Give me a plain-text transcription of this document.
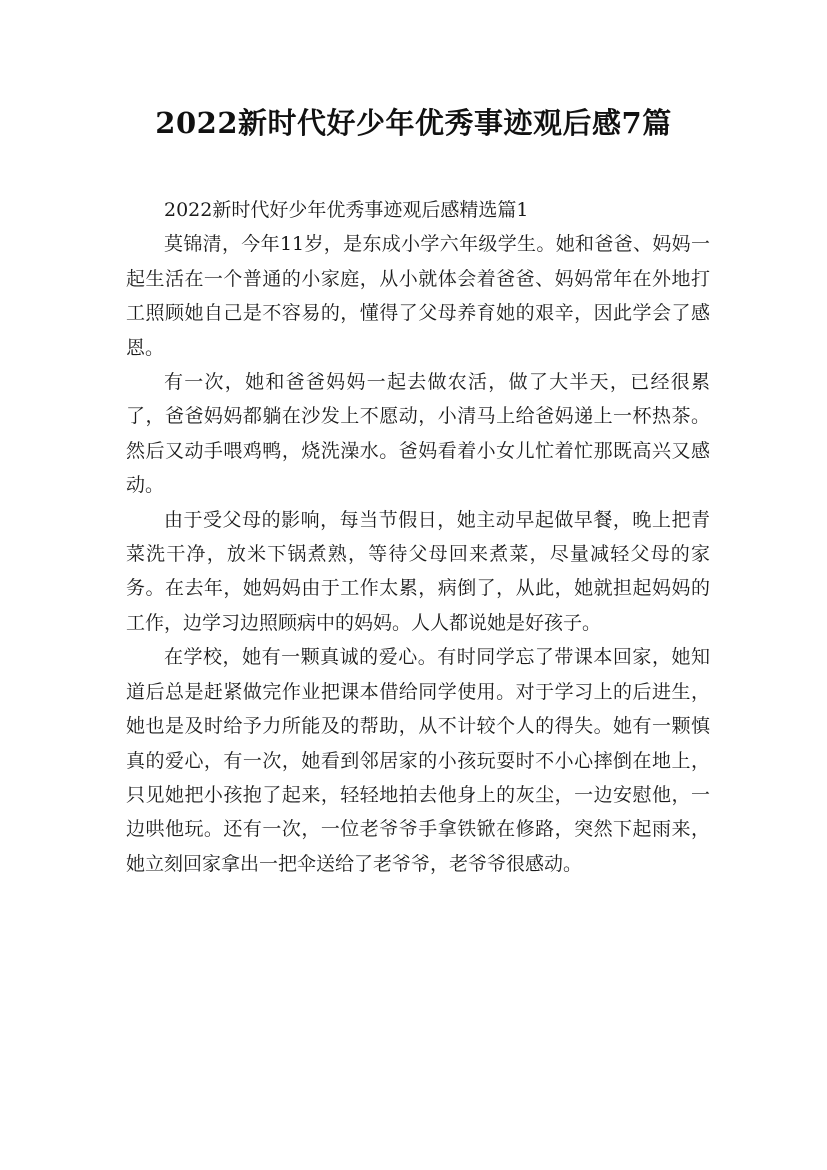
2022新时代好少年优秀事迹观后感7篇

2022新时代好少年优秀事迹观后感精选篇1

莫锦清，今年11岁，是东成小学六年级学生。她和爸爸、妈妈一起生活在一个普通的小家庭，从小就体会着爸爸、妈妈常年在外地打工照顾她自己是不容易的，懂得了父母养育她的艰辛，因此学会了感恩。

有一次，她和爸爸妈妈一起去做农活，做了大半天，已经很累了，爸爸妈妈都躺在沙发上不愿动，小清马上给爸妈递上一杯热茶。然后又动手喂鸡鸭，烧洗澡水。爸妈看着小女儿忙着忙那既高兴又感动。

由于受父母的影响，每当节假日，她主动早起做早餐，晚上把青菜洗干净，放米下锅煮熟，等待父母回来煮菜，尽量减轻父母的家务。在去年，她妈妈由于工作太累，病倒了，从此，她就担起妈妈的工作，边学习边照顾病中的妈妈。人人都说她是好孩子。

在学校，她有一颗真诚的爱心。有时同学忘了带课本回家，她知道后总是赶紧做完作业把课本借给同学使用。对于学习上的后进生，她也是及时给予力所能及的帮助，从不计较个人的得失。她有一颗慎真的爱心，有一次，她看到邻居家的小孩玩耍时不小心摔倒在地上，只见她把小孩抱了起来，轻轻地拍去他身上的灰尘，一边安慰他，一边哄他玩。还有一次，一位老爷爷手拿铁锨在修路，突然下起雨来，她立刻回家拿出一把伞送给了老爷爷，老爷爷很感动。
